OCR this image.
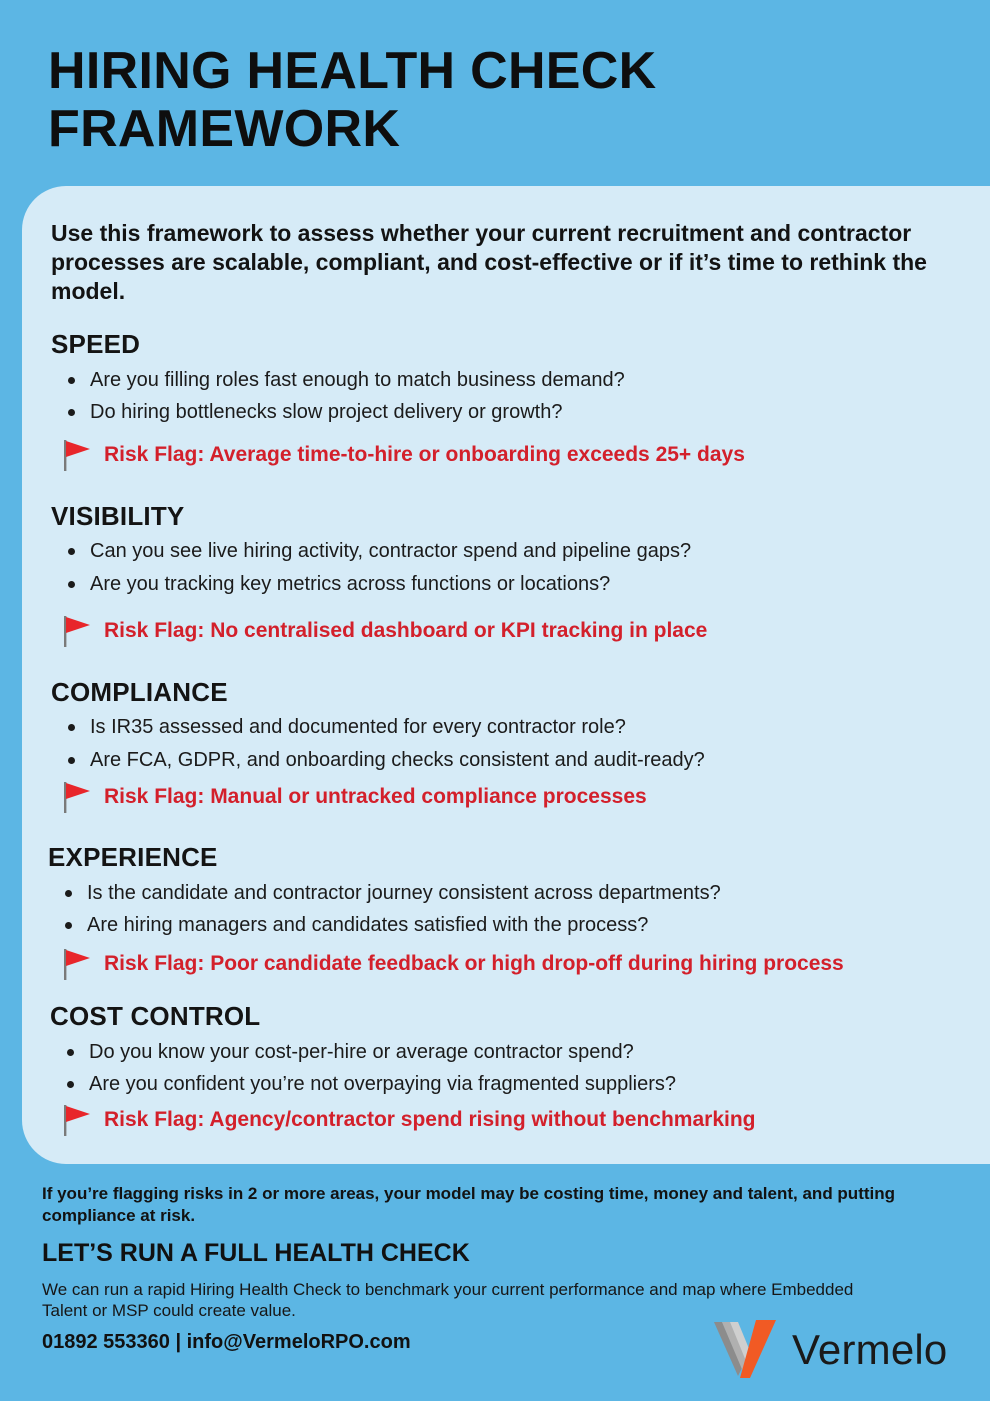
HIRING HEALTH CHECK
FRAMEWORK

Use this framework to assess whether your current recruitment and contractor processes are scalable, compliant, and cost-effective or if it’s time to rethink the model.

SPEED
Are you filling roles fast enough to match business demand?
Do hiring bottlenecks slow project delivery or growth?
Risk Flag: Average time-to-hire or onboarding exceeds 25+ days
VISIBILITY
Can you see live hiring activity, contractor spend and pipeline gaps?
Are you tracking key metrics across functions or locations?
Risk Flag: No centralised dashboard or KPI tracking in place
COMPLIANCE
Is IR35 assessed and documented for every contractor role?
Are FCA, GDPR, and onboarding checks consistent and audit-ready?
Risk Flag: Manual or untracked compliance processes
EXPERIENCE
Is the candidate and contractor journey consistent across departments?
Are hiring managers and candidates satisfied with the process?
Risk Flag: Poor candidate feedback or high drop-off during hiring process
COST CONTROL
Do you know your cost-per-hire or average contractor spend?
Are you confident you’re not overpaying via fragmented suppliers?
Risk Flag: Agency/contractor spend rising without benchmarking

If you’re flagging risks in 2 or more areas, your model may be costing time, money and talent, and putting compliance at risk.

LET’S RUN A FULL HEALTH CHECK

We can run a rapid Hiring Health Check to benchmark your current performance and map where Embedded Talent or MSP could create value.

01892 553360 | info@VermeloRPO.com	Vermelo
